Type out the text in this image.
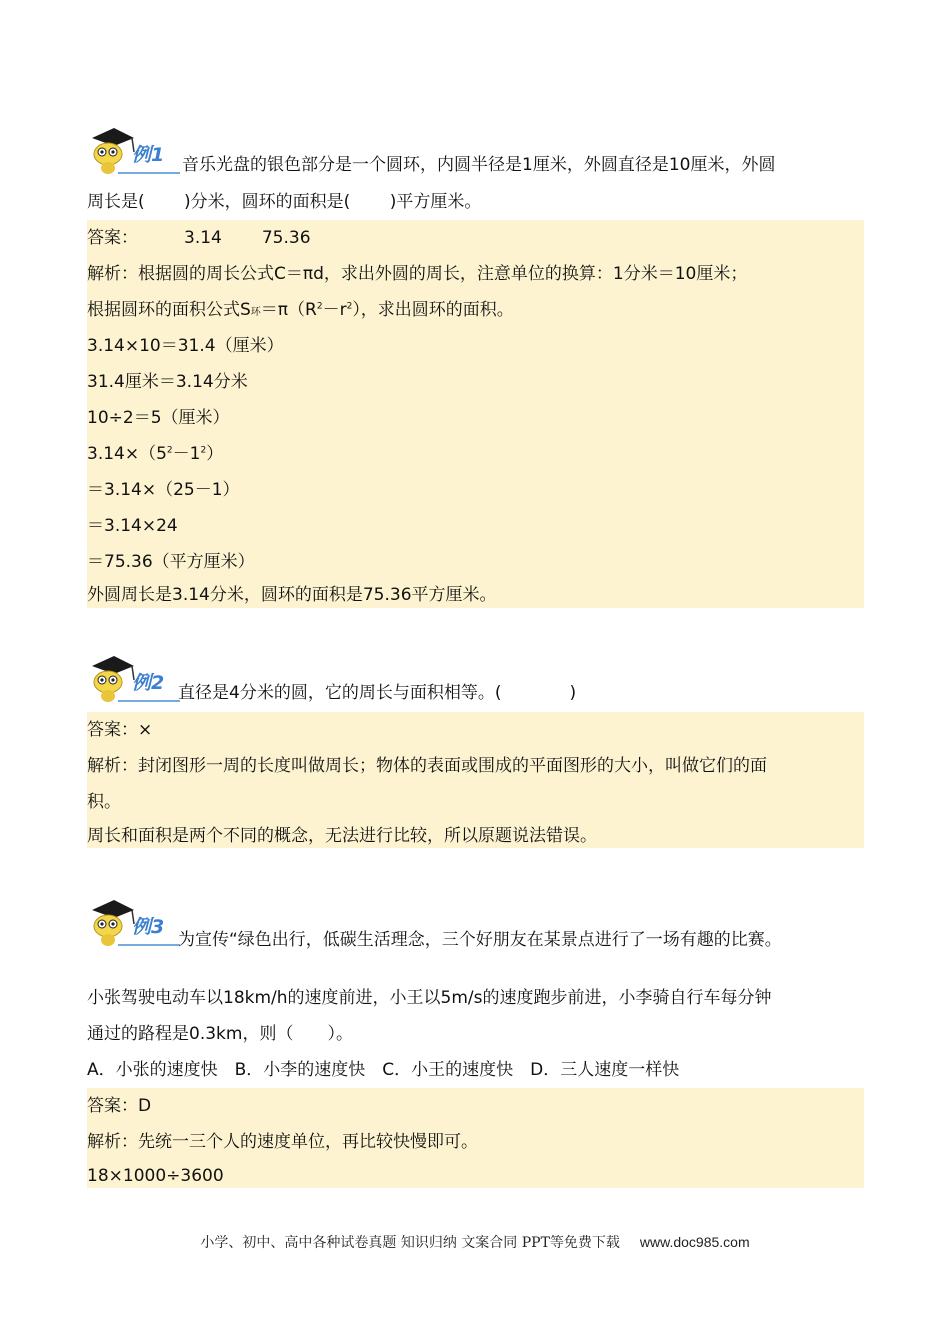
例1 音乐光盘的银色部分是一个圆环，内圆半径是1厘米，外圆直径是10厘米，外圆
周长是(　　 )分米，圆环的面积是(　　 )平方厘米。
答案：	3.14 75.36
解析：根据圆的周长公式C＝πd，求出外圆的周长，注意单位的换算：1分米＝10厘米；
根据圆环的面积公式S环$=\pi(R^2-r^2)$，求出圆环的面积。
3.14×10＝31.4（厘米）
31.4厘米＝3.14分米
10÷2＝5（厘米）
$3.14\times(5^2-1^2)$
＝3.14×（25－1）
＝3.14×24
＝75.36（平方厘米）
外圆周长是3.14分米，圆环的面积是75.36平方厘米。
例2 直径是4分米的圆，它的周长与面积相等。(　　　　)
答案：×
解析：封闭图形一周的长度叫做周长；物体的表面或围成的平面图形的大小，叫做它们的面
积。
周长和面积是两个不同的概念，无法进行比较，所以原题说法错误。
例3
为宣传“绿色出行，低碳生活理念，三个好朋友在某景点进行了一场有趣的比赛。
小张驾驶电动车以18km/h的速度前进，小王以5m/s的速度跑步前进，小李骑自行车每分钟
通过的路程是0.3km，则（　　）。
A．小张的速度快　B．小李的速度快　C．小王的速度快　D．三人速度一样快
答案：D
解析：先统一三个人的速度单位，再比较快慢即可。
18×1000÷3600
小学、初中、高中各种试卷真题 知识归纳 文案合同 PPT等免费下载 www.doc985.com
